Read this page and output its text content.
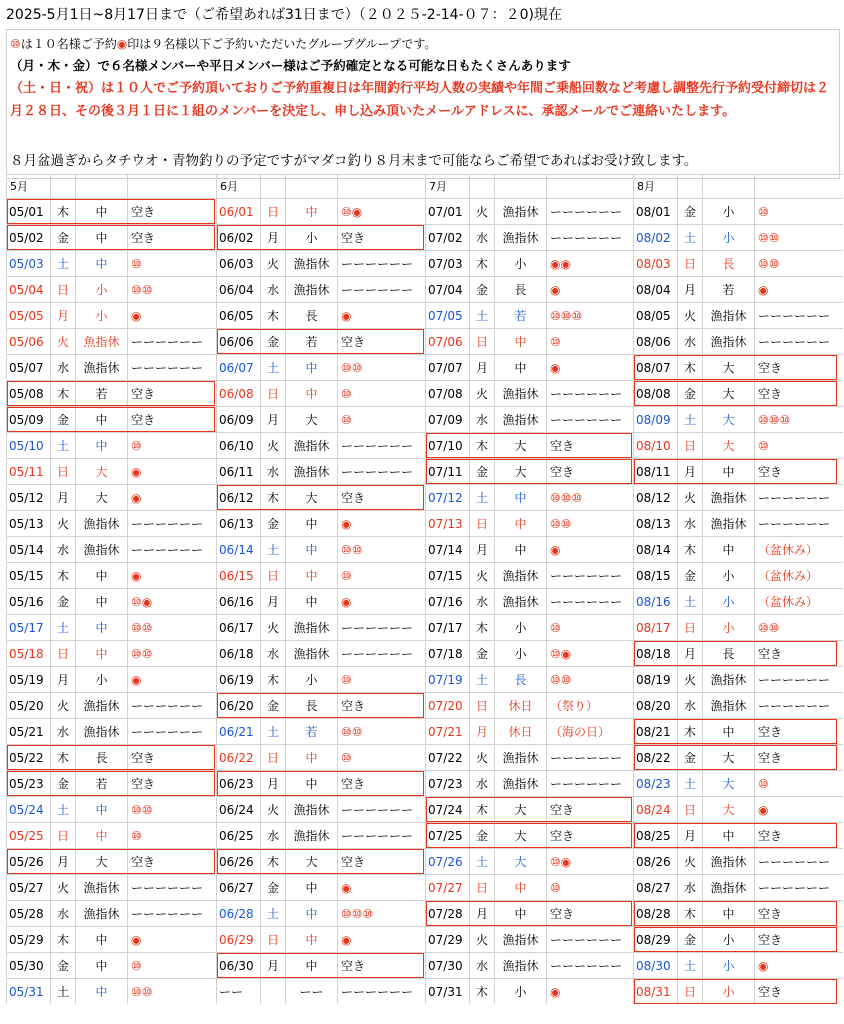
2025-5月1日~8月17日まで（ご希望あれば31日まで）（２０２５-2-14-０７：２0)現在
⑩は１０名様ご予約◉印は９名様以下ご予約いただいたグループグループです。
（月・木・金）で６名様メンバーや平日メンバー様はご予約確定となる可能な日もたくさんあります
（土・日・祝）は１０人でご予約頂いておりご予約重複日は年間釣行平均人数の実績や年間ご乗船回数など考慮し調整先行予約受付締切は２月２８日、その後３月１日に１組のメンバーを決定し、申し込み頂いたメールアドレスに、承認メールでご連絡いたします。
８月盆過ぎからタチウオ・青物釣りの予定ですがマダコ釣り８月末まで可能ならご希望であればお受け致します。
5月
05/01	木	中	空き
05/02	金	中	空き
05/03	土	中	⑩
05/04	日	小	⑩⑩
05/05	月	小	◉
05/06	火	魚指休 ーーーーーー
05/07	水	漁指休 ーーーーーー
05/08	木	若	空き
05/09	金	中	空き
05/10	土	中	⑩
05/11	日	大	◉
05/12	月	大	◉
05/13	火	漁指休 ーーーーーー
05/14	水	漁指休 ーーーーーー
05/15	木	中	◉
05/16	金	中	⑩◉
05/17	土	中	⑩⑩
05/18	日	中	⑩⑩
05/19	月	小	◉
05/20	火	漁指休 ーーーーーー
05/21	水	漁指休 ーーーーーー
05/22	木	長	空き
05/23	金	若	空き
05/24	土	中	⑩⑩
05/25	日	中	⑩
05/26	月	大	空き
05/27	火	漁指休 ーーーーーー
05/28	水	漁指休 ーーーーーー
05/29	木	中	◉
05/30	金	中	⑩
05/31	土	中	⑩⑩
6月
06/01	日	中	⑩◉
06/02	月	小	空き
06/03	火	漁指休 ーーーーーー
06/04	水	漁指休 ーーーーーー
06/05	木	長	◉
06/06	金	若	空き
06/07	土	中	⑩⑩
06/08	日	中	⑩
06/09	月	大	⑩
06/10	火	漁指休 ーーーーーー
06/11	水	漁指休 ーーーーーー
06/12	木	大	空き
06/13	金	中	◉
06/14	土	中	⑩⑩
06/15	日	中	⑩
06/16	月	中	◉
06/17	火	漁指休 ーーーーーー
06/18	水	漁指休 ーーーーーー
06/19	木	小	⑩
06/20	金	長	空き
06/21	土	若	⑩⑩
06/22	日	中	⑩
06/23	月	中	空き
06/24	火	漁指休 ーーーーーー
06/25	水	漁指休 ーーーーーー
06/26	木	大	空き
06/27	金	中	◉
06/28	土	中	⑩⑩⑩
06/29	日	中	◉
06/30	月	中	空き
ーー	ーー	ーーーーーー
7月
07/01	火	漁指休 ーーーーーー
07/02	水	漁指休 ーーーーーー
07/03	木	小	◉◉
07/04	金	長	◉
07/05	土	若	⑩⑩⑩
07/06	日	中	⑩
07/07	月	中	◉
07/08	火	漁指休 ーーーーーー
07/09	水	漁指休 ーーーーーー
07/10	木	大	空き
07/11	金	大	空き
07/12	土	中	⑩⑩⑩
07/13	日	中	⑩⑩
07/14	月	中	◉
07/15	火	漁指休 ーーーーーー
07/16	水	漁指休 ーーーーーー
07/17	木	小	⑩
07/18	金	小	⑩◉
07/19	土	長	⑩⑩
07/20	日	休日	（祭り）
07/21	月	休日	（海の日）
07/22	火	漁指休 ーーーーーー
07/23	水	漁指休 ーーーーーー
07/24	木	大	空き
07/25	金	大	空き
07/26	土	大	⑩◉
07/27	日	中	⑩
07/28	月	中	空き
07/29	火	漁指休 ーーーーーー
07/30	水	漁指休 ーーーーーー
07/31	木	小	◉
8月
08/01	金	小	⑩
08/02	土	小	⑩⑩
08/03	日	長	⑩⑩
08/04	月	若	◉
08/05	火	漁指休 ーーーーーー
08/06	水	漁指休 ーーーーーー
08/07	木	大	空き
08/08	金	大	空き
08/09	土	大	⑩⑩⑩
08/10	日	大	⑩
08/11	月	中	空き
08/12	火	漁指休 ーーーーーー
08/13	水	漁指休 ーーーーーー
08/14	木	中	（盆休み）
08/15	金	小	（盆休み）
08/16	土	小	（盆休み）
08/17	日	小	⑩⑩
08/18	月	長	空き
08/19	火	漁指休 ーーーーーー
08/20	水	漁指休 ーーーーーー
08/21	木	中	空き
08/22	金	大	空き
08/23	土	大	⑩
08/24	日	大	◉
08/25	月	中	空き
08/26	火	漁指休 ーーーーーー
08/27	水	漁指休 ーーーーーー
08/28	木	中	空き
08/29	金	小	空き
08/30	土	小	◉
08/31	日	小	空き
